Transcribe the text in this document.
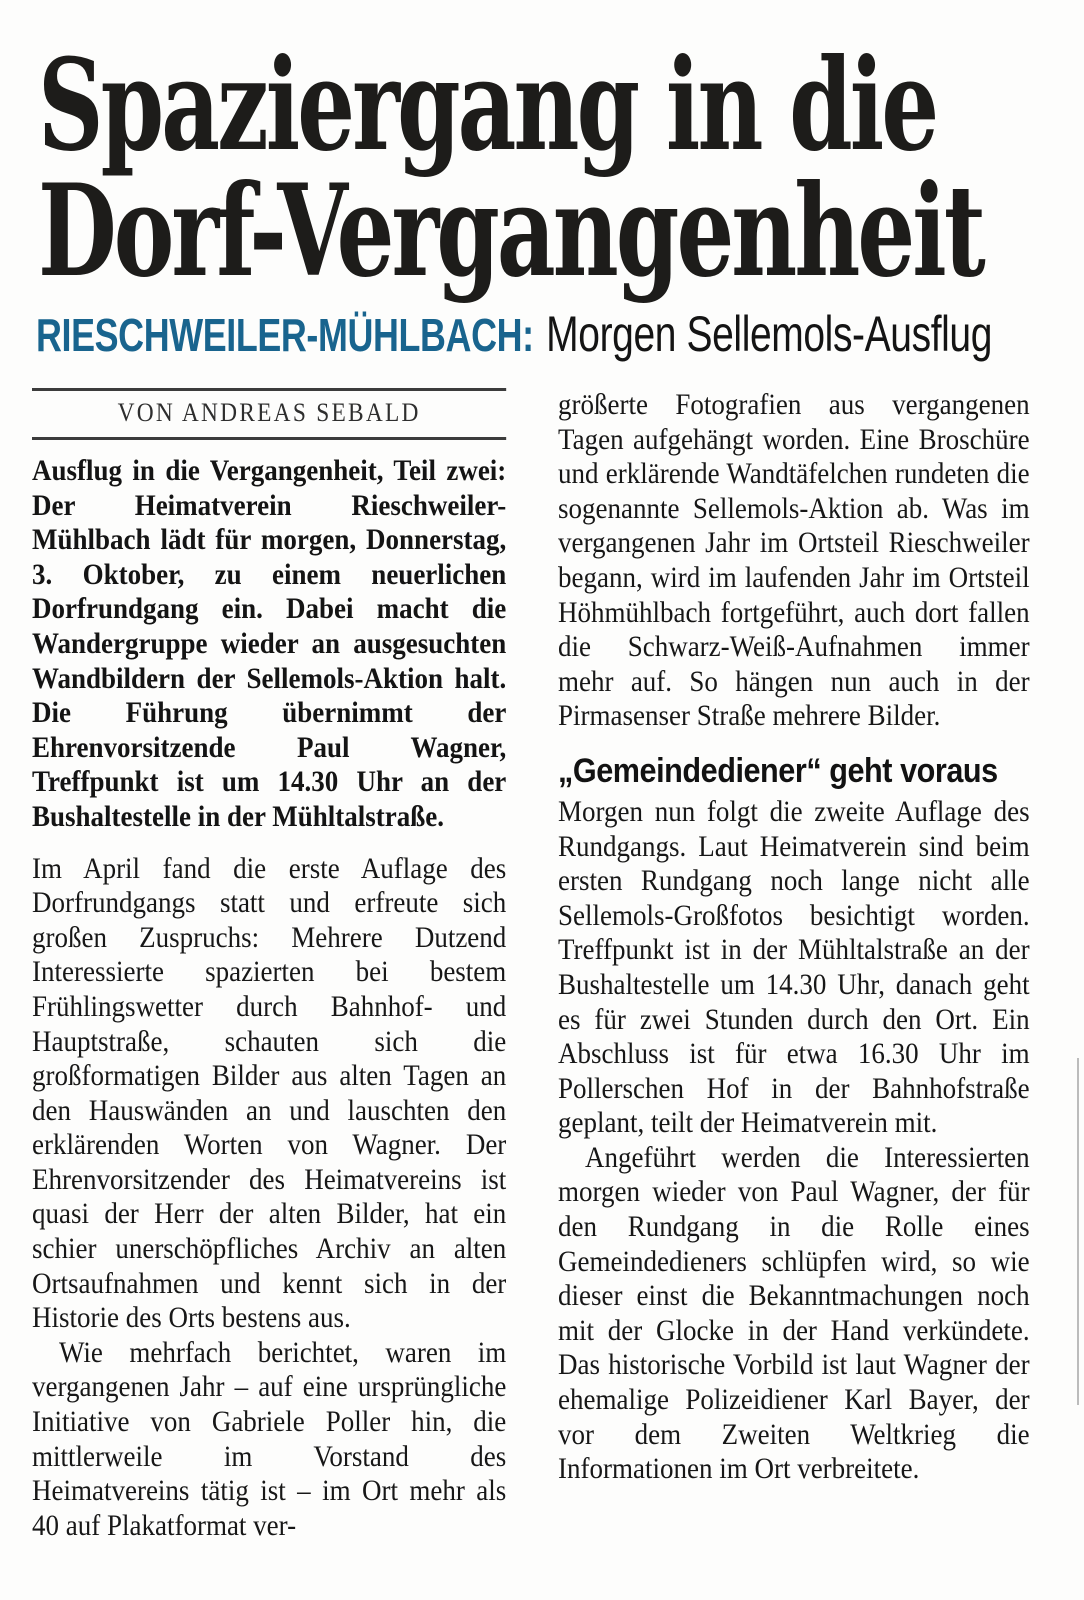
Spaziergang in die
Dorf-Vergangenheit
RIESCHWEILER-MÜHLBACH: Morgen Sellemols-Ausflug
VON ANDREAS SEBALD

Ausflug in die Vergangenheit, Teil zwei: Der Heimatverein Rieschweiler-Mühlbach lädt für morgen, Donnerstag, 3. Oktober, zu einem neuerlichen Dorfrundgang ein. Dabei macht die Wandergruppe wieder an ausgesuchten Wandbildern der Sellemols-Aktion halt. Die Führung übernimmt der Ehrenvorsitzende Paul Wagner, Treffpunkt ist um 14.30 Uhr an der Bushaltestelle in der Mühltalstraße.

Im April fand die erste Auflage des Dorfrundgangs statt und erfreute sich großen Zuspruchs: Mehrere Dutzend Interessierte spazierten bei bestem Frühlingswetter durch Bahnhof- und Hauptstraße, schauten sich die großformatigen Bilder aus alten Tagen an den Hauswänden an und lauschten den erklärenden Worten von Wagner. Der Ehrenvorsitzender des Heimatvereins ist quasi der Herr der alten Bilder, hat ein schier unerschöpfliches Archiv an alten Ortsaufnahmen und kennt sich in der Historie des Orts bestens aus.

Wie mehrfach berichtet, waren im vergangenen Jahr – auf eine ursprüngliche Initiative von Gabriele Poller hin, die mittlerweile im Vorstand des Heimatvereins tätig ist – im Ort mehr als 40 auf Plakatformat ver-

größerte Fotografien aus vergangenen Tagen aufgehängt worden. Eine Broschüre und erklärende Wandtäfelchen rundeten die sogenannte Sellemols-Aktion ab. Was im vergangenen Jahr im Ortsteil Rieschweiler begann, wird im laufenden Jahr im Ortsteil Höhmühlbach fortgeführt, auch dort fallen die Schwarz-Weiß-Aufnahmen immer mehr auf. So hängen nun auch in der Pirmasenser Straße mehrere Bilder.

„Gemeindediener“ geht voraus

Morgen nun folgt die zweite Auflage des Rundgangs. Laut Heimatverein sind beim ersten Rundgang noch lange nicht alle Sellemols-Großfotos besichtigt worden. Treffpunkt ist in der Mühltalstraße an der Bushaltestelle um 14.30 Uhr, danach geht es für zwei Stunden durch den Ort. Ein Abschluss ist für etwa 16.30 Uhr im Pollerschen Hof in der Bahnhofstraße geplant, teilt der Heimatverein mit.

Angeführt werden die Interessierten morgen wieder von Paul Wagner, der für den Rundgang in die Rolle eines Gemeindedieners schlüpfen wird, so wie dieser einst die Bekanntmachungen noch mit der Glocke in der Hand verkündete. Das historische Vorbild ist laut Wagner der ehemalige Polizeidiener Karl Bayer, der vor dem Zweiten Weltkrieg die Informationen im Ort verbreitete.
